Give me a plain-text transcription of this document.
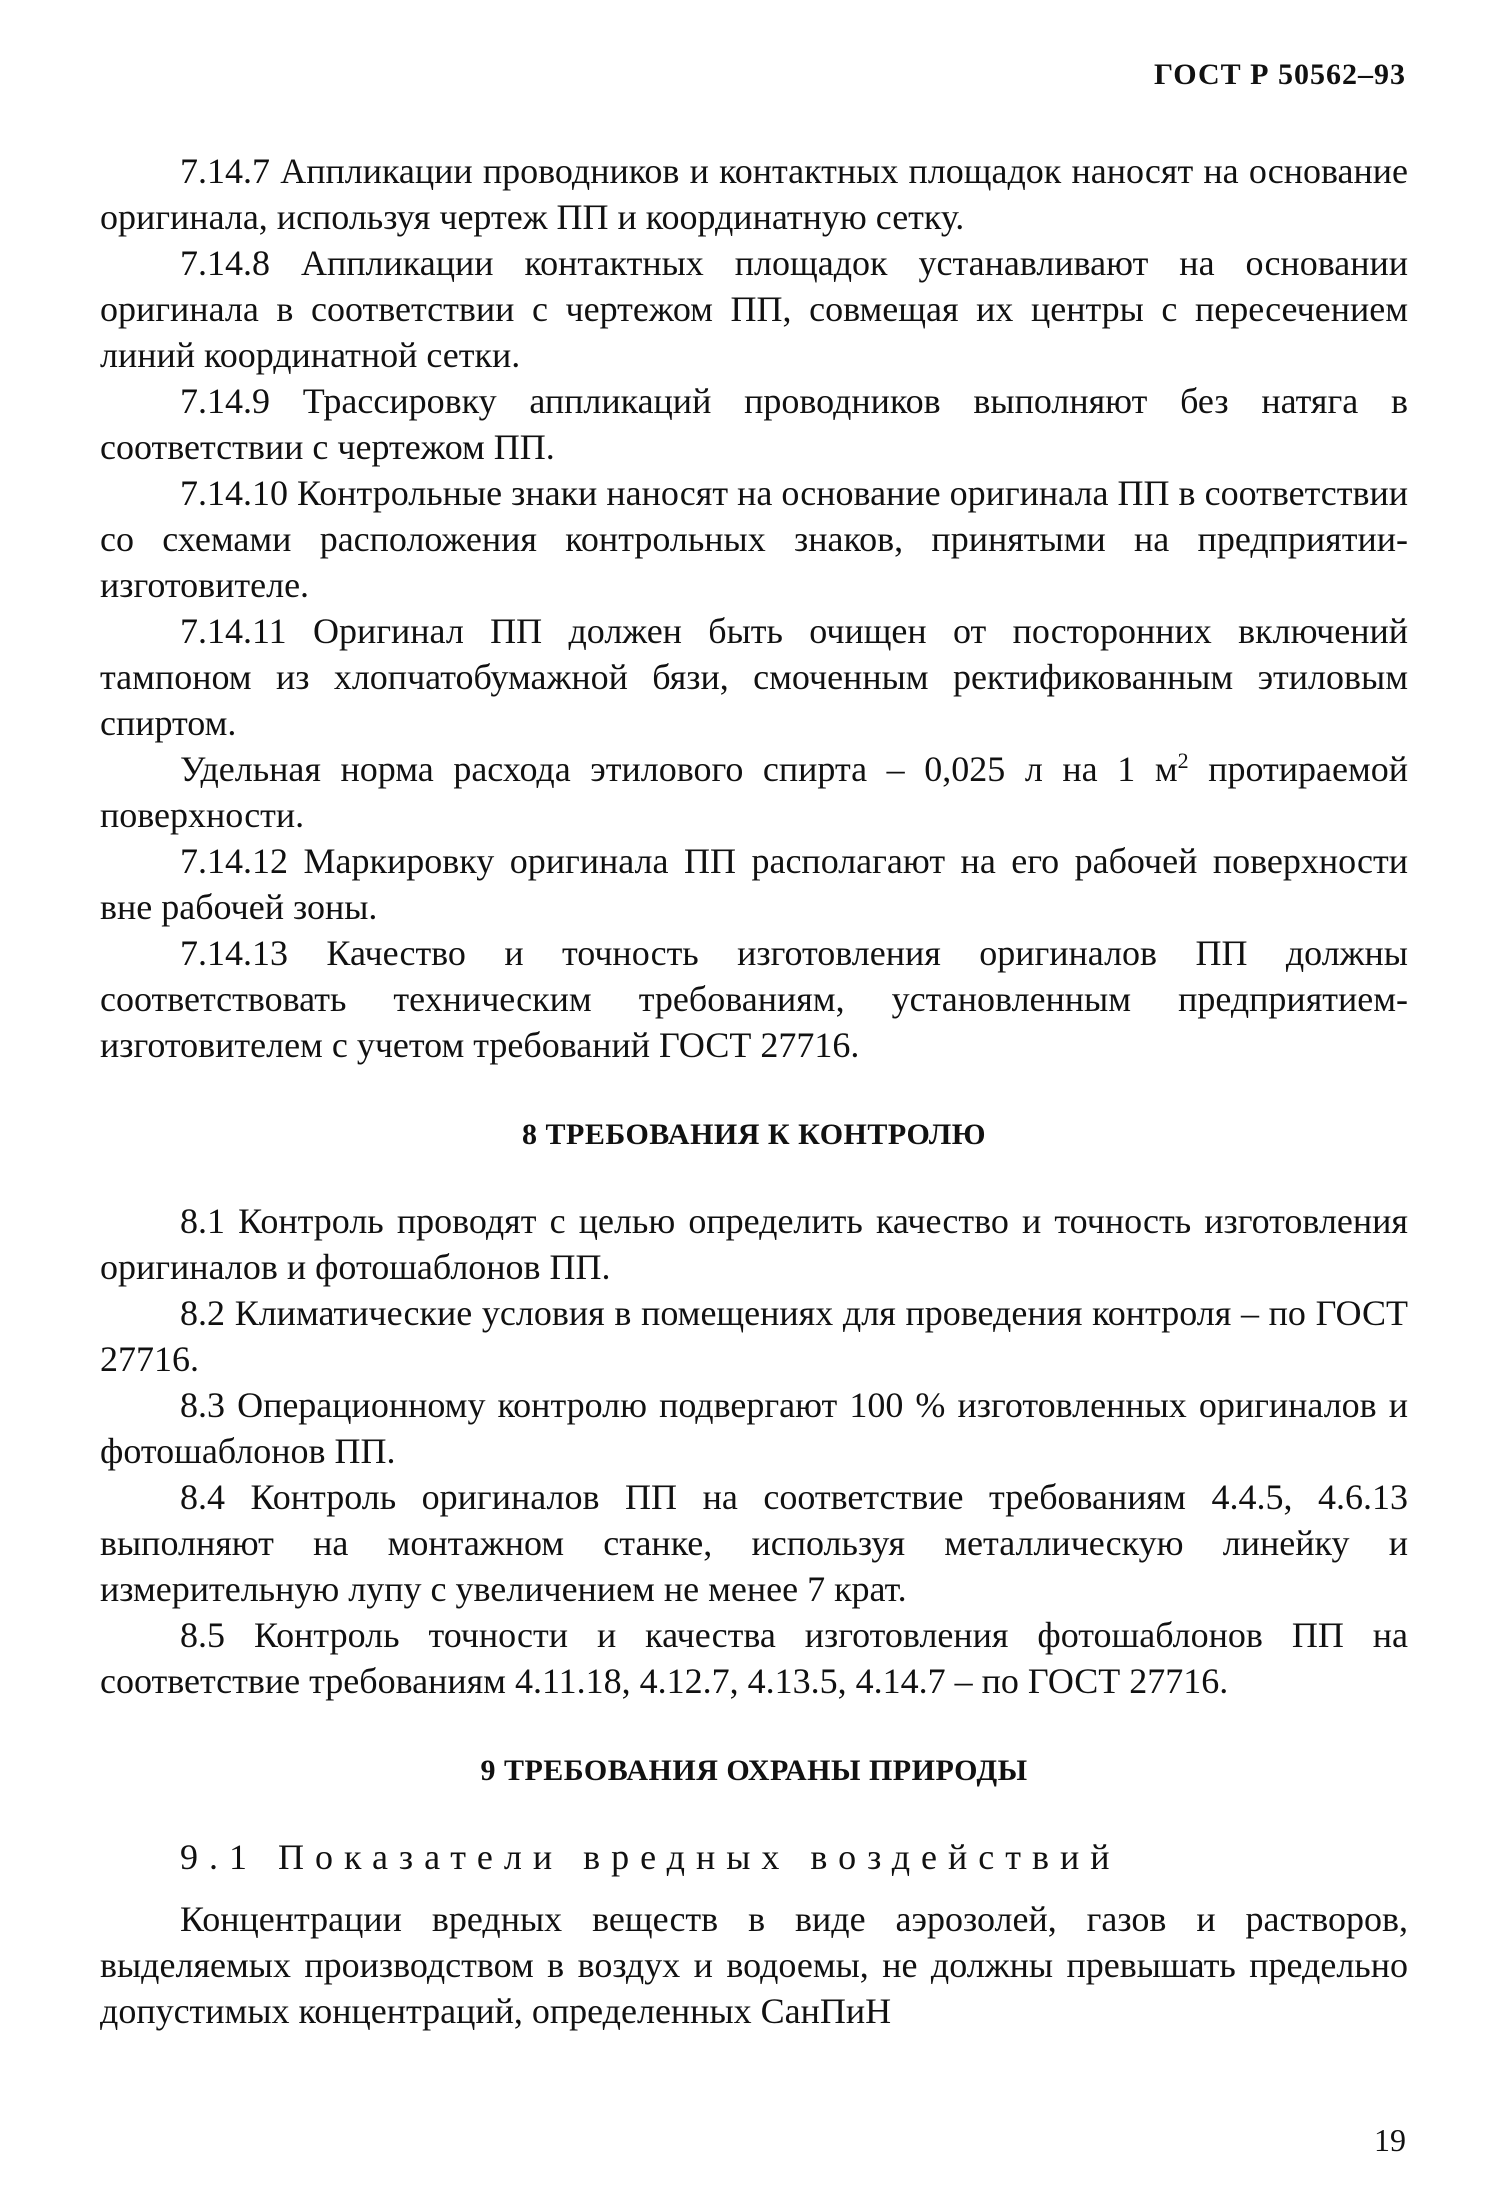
ГОСТ Р 50562–93

7.14.7 Аппликации проводников и контактных площадок наносят на основание оригинала, используя чертеж ПП и координатную сетку.

7.14.8 Аппликации контактных площадок устанавливают на основании оригинала в соответствии с чертежом ПП, совмещая их центры с пересечением линий координатной сетки.

7.14.9 Трассировку аппликаций проводников выполняют без натяга в соответствии с чертежом ПП.

7.14.10 Контрольные знаки наносят на основание оригинала ПП в соответствии со схемами расположения контрольных знаков, принятыми на предприятии-изготовителе.

7.14.11 Оригинал ПП должен быть очищен от посторонних включений тампоном из хлопчатобумажной бязи, смоченным ректификованным этиловым спиртом.

Удельная норма расхода этилового спирта – 0,025 л на 1 $м^2$ протираемой поверхности.

7.14.12 Маркировку оригинала ПП располагают на его рабочей поверхности вне рабочей зоны.

7.14.13 Качество и точность изготовления оригиналов ПП должны соответствовать техническим требованиям, установленным предприятием-изготовителем с учетом требований ГОСТ 27716.

8 ТРЕБОВАНИЯ К КОНТРОЛЮ

8.1 Контроль проводят с целью определить качество и точность изготовления оригиналов и фотошаблонов ПП.

8.2 Климатические условия в помещениях для проведения контроля – по ГОСТ 27716.

8.3 Операционному контролю подвергают 100 % изготовленных оригиналов и фотошаблонов ПП.

8.4 Контроль оригиналов ПП на соответствие требованиям 4.4.5, 4.6.13 выполняют на монтажном станке, используя металлическую линейку и измерительную лупу с увеличением не менее 7 крат.

8.5 Контроль точности и качества изготовления фотошаблонов ПП на соответствие требованиям 4.11.18, 4.12.7, 4.13.5, 4.14.7 – по ГОСТ 27716.

9 ТРЕБОВАНИЯ ОХРАНЫ ПРИРОДЫ
9.1 Показатели вредных воздействий

Концентрации вредных веществ в виде аэрозолей, газов и растворов, выделяемых производством в воздух и водоемы, не должны превышать предельно допустимых концентраций, определенных СанПиН

19
